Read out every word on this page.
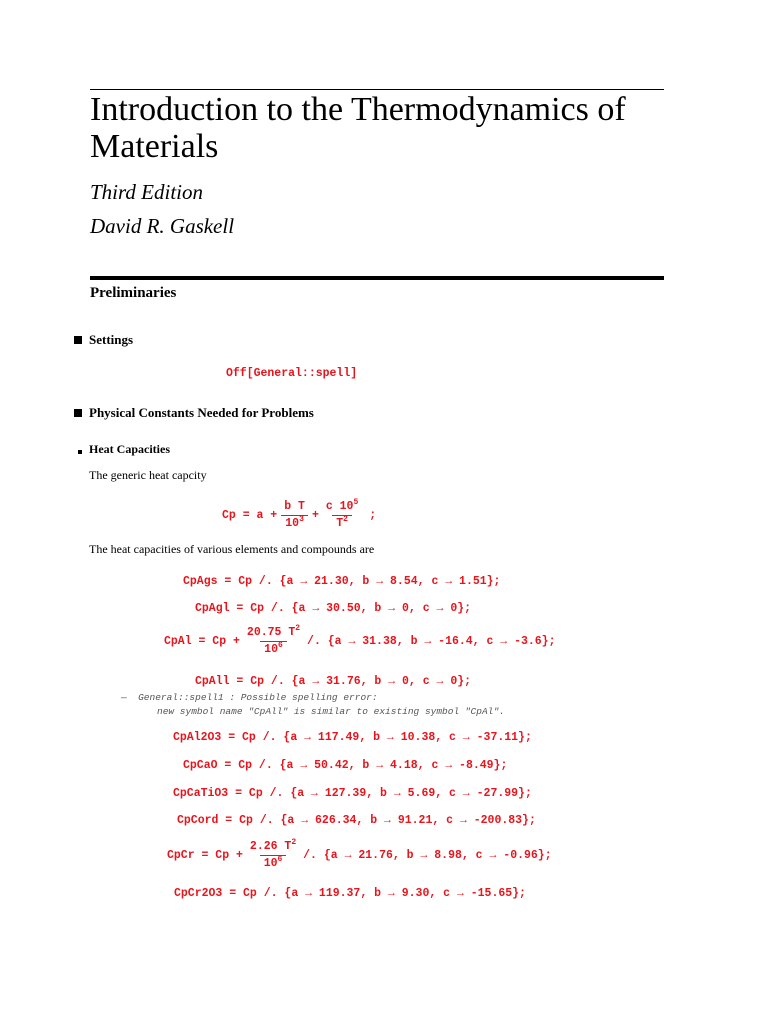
Introduction to the Thermodynamics of Materials
Third Edition
David R. Gaskell
Preliminaries
Settings
Off[General::spell]
Physical Constants Needed for Problems
Heat Capacities
The generic heat capcity
$Cp = a + \frac{\text{b T}}{10^3} + \frac{c 10^5}{T^2}$ ;
The heat capacities of various elements and compounds are
CpAgs = Cp /. {a → 21.30, b → 8.54, c → 1.51};
CpAgl = Cp /. {a → 30.50, b → 0, c → 0};
CpAl = $Cp + \frac{20.75 T^2}{10^6}$ /. {a → 31.38, b → -16.4, c → -3.6};
CpAll = Cp /. {a → 31.76, b → 0, c → 0};
—  General::spell1 : Possible spelling error:
new symbol name "CpAll" is similar to existing symbol "CpAl".
CpAl2O3 = Cp /. {a → 117.49, b → 10.38, c → -37.11};
CpCaO = Cp /. {a → 50.42, b → 4.18, c → -8.49};
CpCaTiO3 = Cp /. {a → 127.39, b → 5.69, c → -27.99};
CpCord = Cp /. {a → 626.34, b → 91.21, c → -200.83};
CpCr = $Cp + \frac{2.26 T^2}{10^6}$ /. {a → 21.76, b → 8.98, c → -0.96};
CpCr2O3 = Cp /. {a → 119.37, b → 9.30, c → -15.65};
